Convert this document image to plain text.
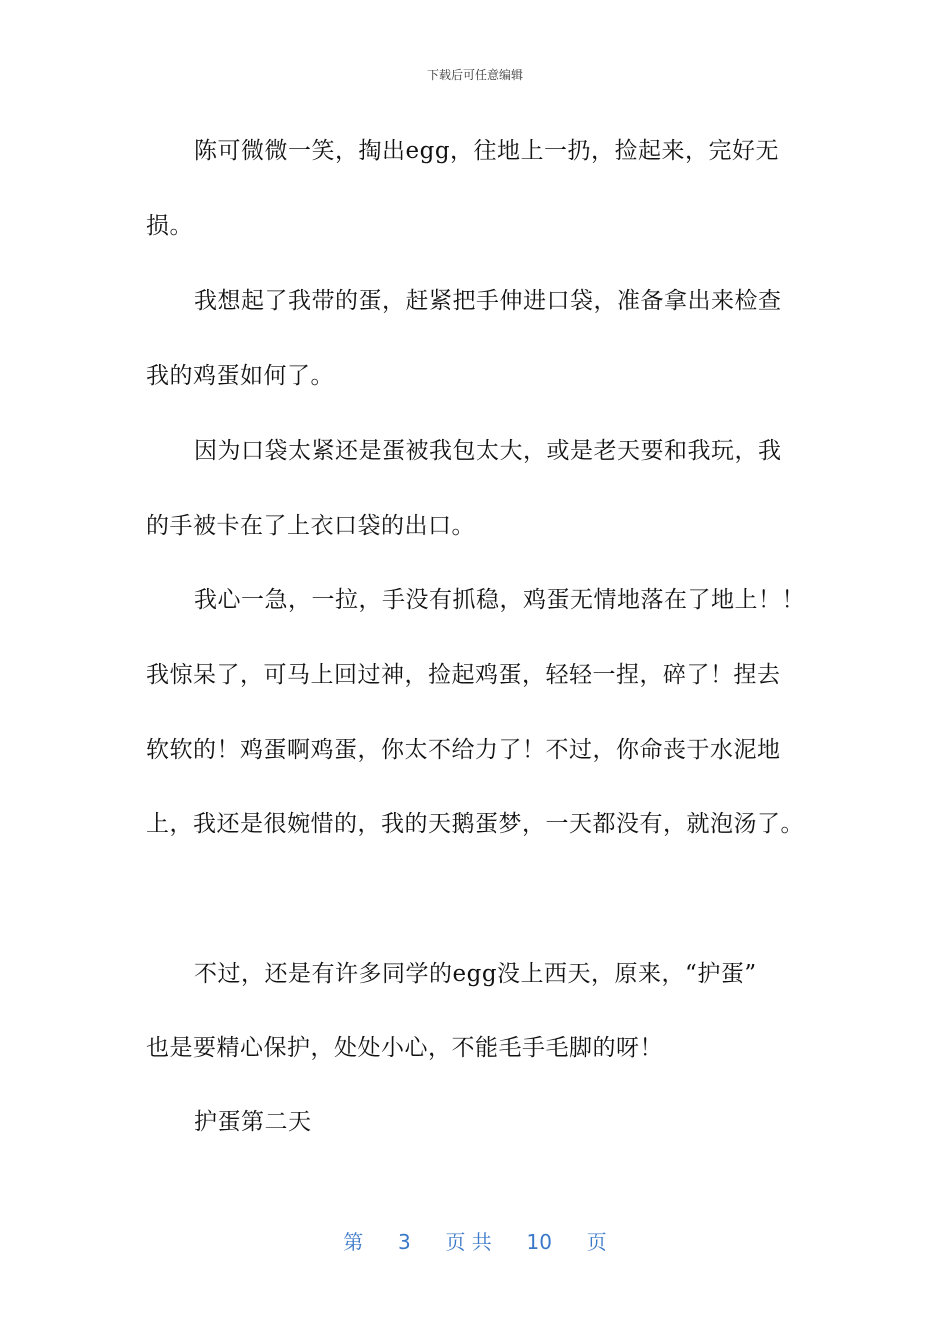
下载后可任意编辑
陈可微微一笑，掏出egg，往地上一扔，捡起来，完好无
损。
我想起了我带的蛋，赶紧把手伸进口袋，准备拿出来检查
我的鸡蛋如何了。
因为口袋太紧还是蛋被我包太大，或是老天要和我玩，我
的手被卡在了上衣口袋的出口。
我心一急，一拉，手没有抓稳，鸡蛋无情地落在了地上！！
我惊呆了，可马上回过神，捡起鸡蛋，轻轻一捏，碎了！捏去
软软的！鸡蛋啊鸡蛋，你太不给力了！不过，你命丧于水泥地
上，我还是很婉惜的，我的天鹅蛋梦，一天都没有，就泡汤了。
不过，还是有许多同学的egg没上西天，原来，“护蛋”
也是要精心保护，处处小心，不能毛手毛脚的呀！
护蛋第二天
第 3 页 共 10 页
